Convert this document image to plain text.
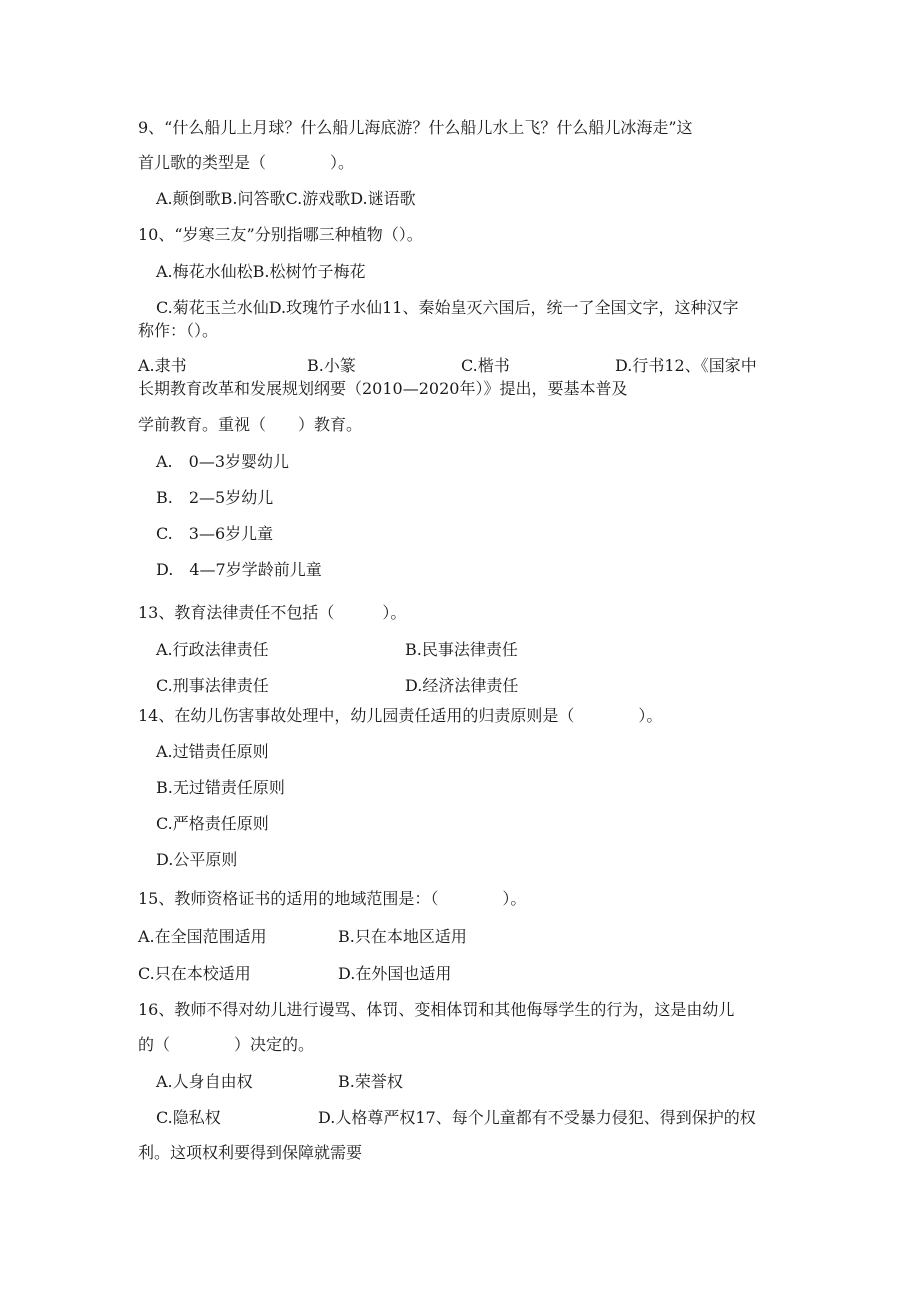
9、“什么船儿上月球？什么船儿海底游？什么船儿水上飞？什么船儿冰海走”这
首儿歌的类型是（　　　　）。
A.颠倒歌B.问答歌C.游戏歌D.谜语歌
10、“岁寒三友”分别指哪三种植物（）。
A.梅花水仙松B.松树竹子梅花
C.菊花玉兰水仙D.玫瑰竹子水仙11、秦始皇灭六国后，统一了全国文字，这种汉字
称作：（）。
A.隶书	B.小篆	C.楷书	D.行书12、《国家中
长期教育改革和发展规划纲要（2010—2020年）》提出，要基本普及
学前教育。重视（　　）教育。
A.　0—3岁婴幼儿
B.　2—5岁幼儿
C.　3—6岁儿童
D.　4—7岁学龄前儿童
13、教育法律责任不包括（　　　）。
A.行政法律责任	B.民事法律责任
C.刑事法律责任	D.经济法律责任
14、在幼儿伤害事故处理中，幼儿园责任适用的归责原则是（　　　　）。
A.过错责任原则
B.无过错责任原则
C.严格责任原则
D.公平原则
15、教师资格证书的适用的地域范围是：（　　　　）。
A.在全国范围适用	B.只在本地区适用
C.只在本校适用	D.在外国也适用
16、教师不得对幼儿进行谩骂、体罚、变相体罚和其他侮辱学生的行为，这是由幼儿
的（　　　　）决定的。
A.人身自由权	B.荣誉权
C.隐私权	D.人格尊严权17、每个儿童都有不受暴力侵犯、得到保护的权
利。这项权利要得到保障就需要
